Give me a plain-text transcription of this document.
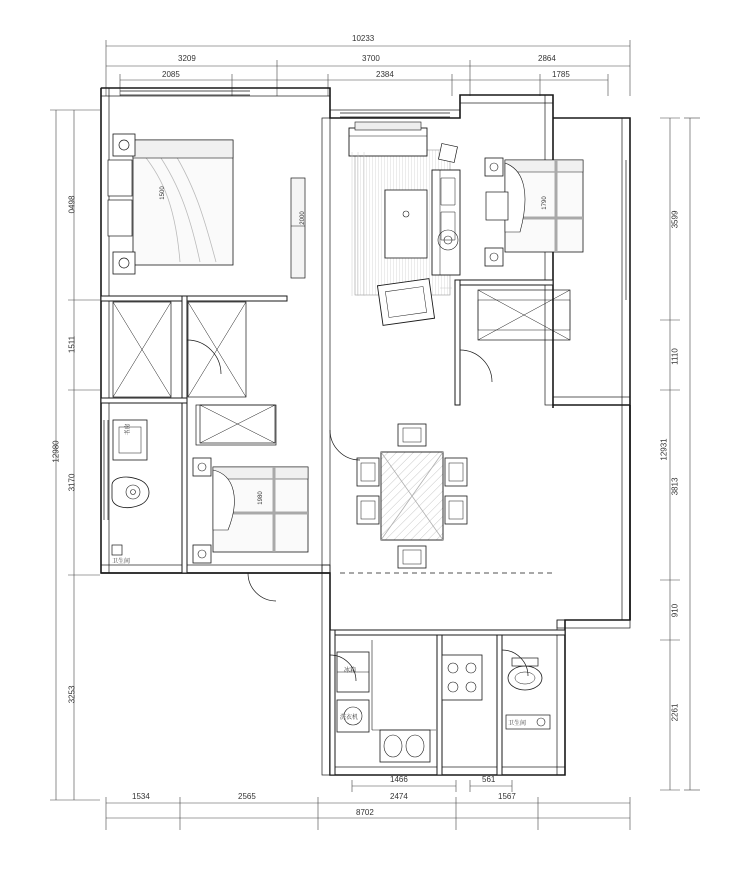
10233
3209	3700	2864
2085	2384	1785
12980
0498
1511
3170
3253
12931
3599
1110
3813
910
2261
1466	561
1534	2565	2474	1567
8702
1500
2000
1790
1980
书房
卫生间
冰箱
洗衣机
卫生间
